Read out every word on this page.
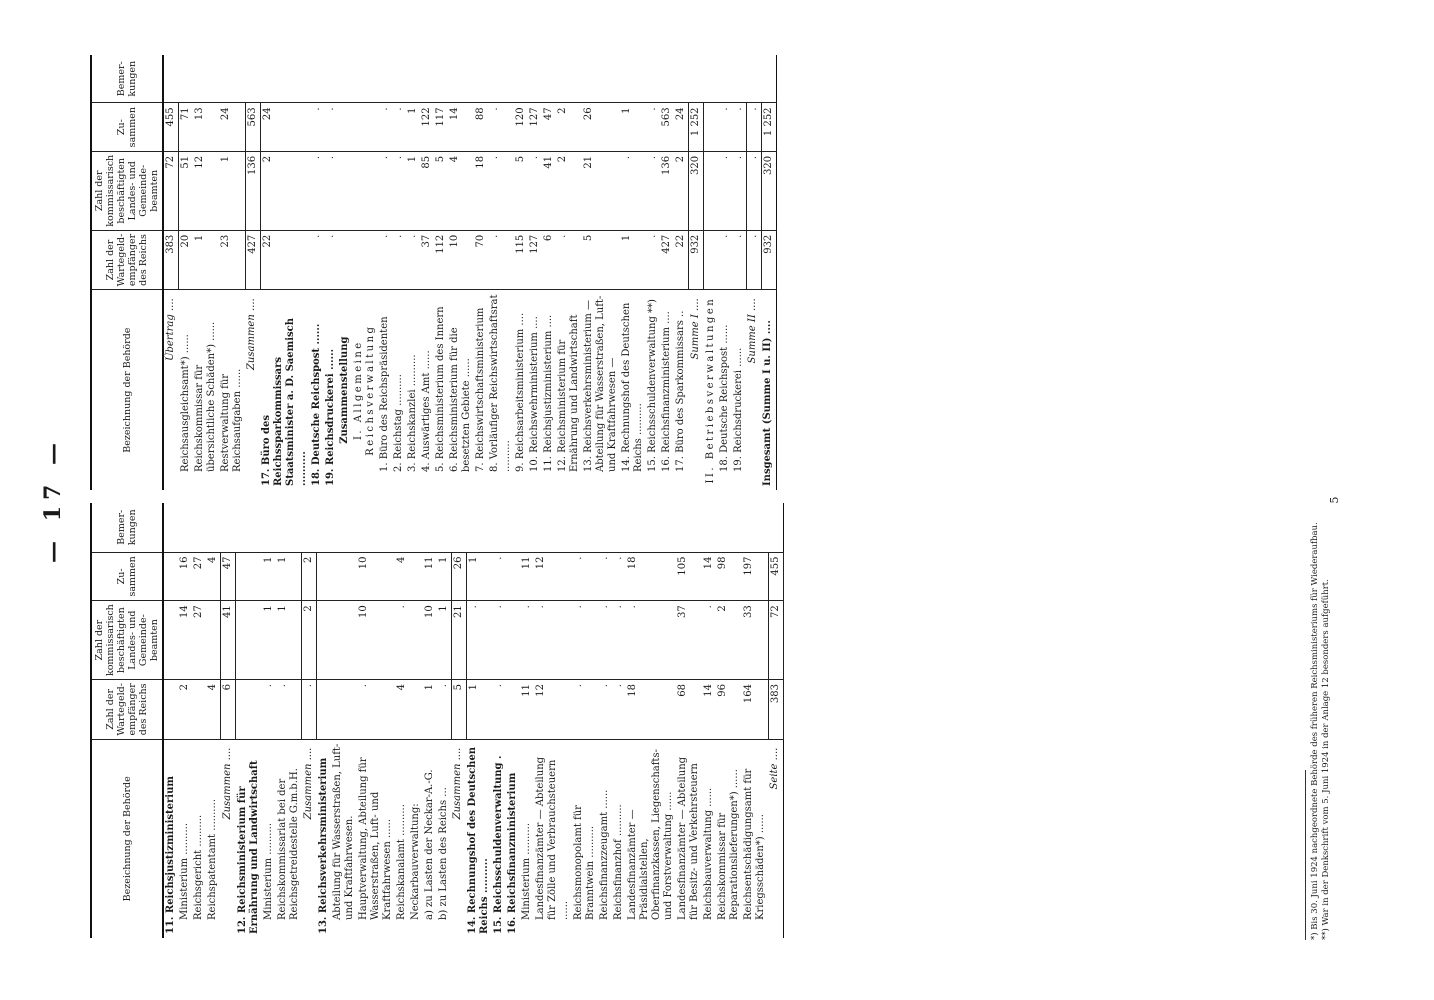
— 17 —
Bezeichnung der Behörde	Zahl der Wartegeld-empfänger des Reichs	Zahl der kommissarisch beschäftigten Landes- und Gemeinde-beamten	Zu-sammen	Bemer-kungen

11. Reichsjustizministerium				

Ministerium ..........	2	14	16	

Reichsgericht ..........		27	27	

Reichspatentamt ..........	4		4	

Zusammen ....	6	41	47	

12. Reichsministerium für Ernährung und Landwirtschaft				

Ministerium ..........	.	1	1	

Reichskommissariat bei der Reichsgetreidestelle G.m.b.H.	.	1	1	

Zusammen ....	.	2	2	

13. Reichsverkehrsministerium				

Abteilung für Wasserstraßen, Luft- und Kraftfahrwesen.				

Hauptverwaltung, Abteilung für Wasserstraßen, Luft- und Kraftfahrwesen ......	.	10	10	

Reichskanalamt ..........	4	.	4	

Neckarbauverwaltung:				

a) zu Lasten der Neckar-A.-G.	1	10	11	

b) zu Lasten des Reichs ...	.	1	1	

Zusammen ....	5	21	26	

14. Rechnungshof des Deutschen Reichs ..........	1	.	1	

15. Reichsschuldenverwaltung .	.	.	.	

16. Reichsfinanzministerium				

Ministerium ..........	11	.	11	

Landesfinanzämter — Abteilung für Zölle und Verbrauchsteuern ......	12	.	12	

Reichsmonopolamt für Branntwein ..........	.	.	.	

Reichsfinanzzeugamt ......	.	.	.	

Reichsfinanzhof ..........	.	.	.	

Landesfinanzämter — Präsidialstellen, Oberfinanzkassen, Liegenschafts- und Forstverwaltung ......	18	.	18	

Landesfinanzämter — Abteilung für Besitz- und Verkehrsteuern	68	37	105	

Reichsbauverwaltung ......	14	.	14	

Reichskommissar für Reparationslieferungen*) ......	96	2	98	

Reichsentschädigungsamt für Kriegsschäden*) ......	164	33	197	

Seite ....	383	72	455	
Bezeichnung der Behörde	Zahl der Wartegeld-empfänger des Reichs	Zahl der kommissarisch beschäftigten Landes- und Gemeinde-beamten	Zu-sammen	Bemer-kungen

Übertrag ....	383	72	455	

Reichsausgleichsamt*) ......	20	51	71	

Reichskommissar für übersichtliche Schäden*) ......	1	12	13	

Restverwaltung für Reichsaufgaben ......	23	1	24	

Zusammen ....	427	136	563	

17. Büro des Reichssparkommissars Staatsminister a. D. Saemisch ..........	22	2	24	

18. Deutsche Reichspost ......	.	.	.	

19. Reichsdruckerei ......	.	.	.	

Zusammenstellung				

I. Allgemeine Reichsverwaltung				

1. Büro des Reichspräsidenten	.	.	.	

2. Reichstag ..........	.	.	.	

3. Reichskanzlei ..........	.	1	1	

4. Auswärtiges Amt ......	37	85	122	

5. Reichsministerium des Innern	112	5	117	

6. Reichsministerium für die besetzten Gebiete ......	10	4	14	

7. Reichswirtschaftsministerium	70	18	88	

8. Vorläufiger Reichswirtschaftsrat ..........	.	.	.	

9. Reichsarbeitsministerium ....	115	5	120	

10. Reichswehrministerium ....	127	.	127	

11. Reichsjustizministerium ....	6	41	47	

12. Reichsministerium für Ernährung und Landwirtschaft	.	2	2	

13. Reichsverkehrsministerium — Abteilung für Wasserstraßen, Luft- und Kraftfahrwesen —	5	21	26	

14. Rechnungshof des Deutschen Reichs ..........	1	.	1	

15. Reichsschuldenverwaltung **)	.	.	.	

16. Reichsfinanzministerium ....	427	136	563	

17. Büro des Sparkommissars ..	22	2	24	

Summe I ....	932	320	1 252	

II. Betriebsverwaltungen				

18. Deutsche Reichspost ......	.	.	.	

19. Reichsdruckerei ......	.	.	.	

Summe II ....	.	.	.	

Insgesamt (Summe I u. II) ....	932	320	1 252	
*) Bis 30. Juni 1924 nachgeordnete Behörde des früheren Reichsministeriums für Wiederaufbau. **) War in der Denkschrift vom 5. Juni 1924 in der Anlage 12 besonders aufgeführt.
5
